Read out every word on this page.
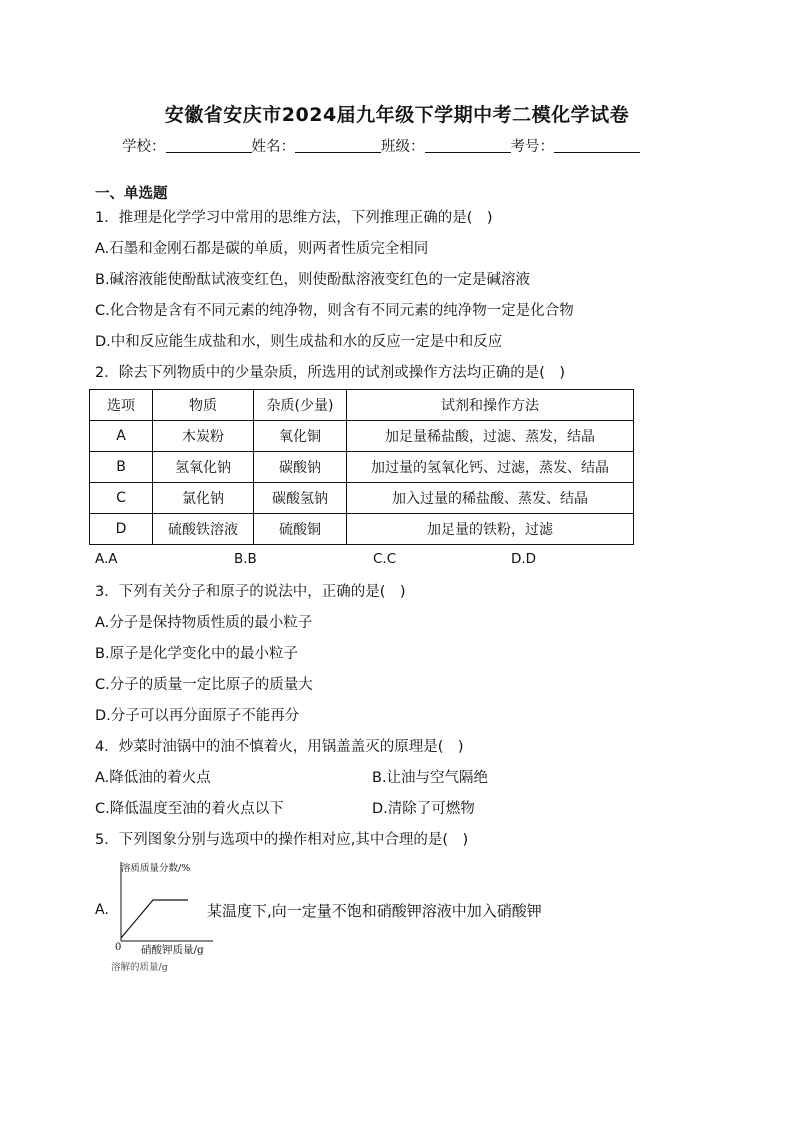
安徽省安庆市2024届九年级下学期中考二模化学试卷
学校：	姓名：	班级：	考号：
一、单选题
1．推理是化学学习中常用的思维方法，下列推理正确的是( )
A.石墨和金刚石都是碳的单质，则两者性质完全相同
B.碱溶液能使酚酞试液变红色，则使酚酞溶液变红色的一定是碱溶液
C.化合物是含有不同元素的纯净物，则含有不同元素的纯净物一定是化合物
D.中和反应能生成盐和水，则生成盐和水的反应一定是中和反应
2．除去下列物质中的少量杂质，所选用的试剂或操作方法均正确的是( )
选项	物质	杂质(少量)	试剂和操作方法
A	木炭粉	氧化铜	加足量稀盐酸，过滤、蒸发，结晶
B	氢氧化钠	碳酸钠	加过量的氢氧化钙、过滤，蒸发、结晶
C	氯化钠	碳酸氢钠	加入过量的稀盐酸、蒸发、结晶
D	硫酸铁溶液	硫酸铜	加足量的铁粉，过滤
A.A	B.B	C.C	D.D
3．下列有关分子和原子的说法中，正确的是( )
A.分子是保持物质性质的最小粒子
B.原子是化学变化中的最小粒子
C.分子的质量一定比原子的质量大
D.分子可以再分面原子不能再分
4．炒菜时油锅中的油不慎着火，用锅盖盖灭的原理是( )
A.降低油的着火点	B.让油与空气隔绝
C.降低温度至油的着火点以下	D.清除了可燃物
5．下列图象分别与选项中的操作相对应,其中合理的是( )
A.
溶质质量分数/%
0 硝酸钾质量/g
某温度下,向一定量不饱和硝酸钾溶液中加入硝酸钾
溶解的质量/g
